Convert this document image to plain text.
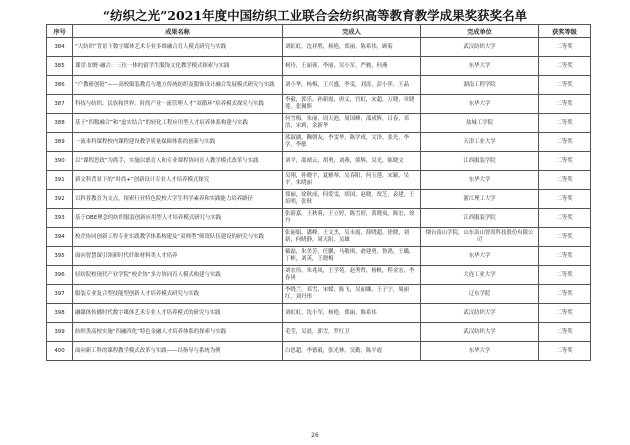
“纺织之光”2021年度中国纺织工业联合会纺织高等教育教学成果奖获奖名单
序号	成果名称	完成人	完成单位	获奖等级
384	“大纺织”背景下数字媒体艺术专业多维融合育人模式研究与实践	刘虹虹，沈祥胜，杨艳，郑丽，陈希伟，顾菊	武汉纺织大学	二等奖
385	课堂·加野·融合：三位一体的留学生服饰文化教学模式探索与实践	柯玲，王丽蓉，李丽，吴小军，严骏，何燕	东华大学	二等奖
386	“产教研创链”——高校服装教育与地方传统纺织及服饰设计融合发展模式研究与实践	刘小华，杨梅，王兴盛，李雯，刘涛，彭小萍，王晶	湖南工程学院	二等奖
387	科技与纺织、民族和世界：时尚产业一流管理人才“双循环”培养模式探究与实践	李毅，郭乐，孙新霞，唐义，宫虹，宋超，万晓，章晓莲，张佩斯	东华大学	二等奖
388	基于“四数融合”和“虚实结合”的轻化工程应用型人才培养体系构建与实践	何雪梅，朱丽，周天池，周国峰，邵成辉，吕春，邓浩，宋莉，余新华	盐城工学院	二等奖
389	一流本科课程校内课程建设教学质量保障体系的创新与实践	蓝淑涵，鞠朝友，李雯华，陈学成，文泽，张光，李学，李敏	天津工业大学	二等奖
390	以“课程思政”为抓手，实施以德育人和专业课程协同育人教学模式改革与实践	刘平，邵晴云，胡勇，刘燕，熊辉，吴光，陈晓文	江西服装学院	二等奖
391	新文科背景下的“时尚+”创新设计专业人才培养模式探究	吴翔，孙晓宇，夏雅琴，吴春阳，何玉莲，宋颖，吴平，朱晓丽	东华大学	二等奖
392	以科普教育为支点，探索行业特色院校大学生科学素养和实践能力培养路径	郑丽，徐秋成，何爱雯，胡国，赵晓，贾芝，袁建，王培明，张秋	浙江理工大学	二等奖
393	基于OBE理念的纺织服装创新应用型人才培养模式研究与实践	张蔚嘉，王秋蓉，王立婷，陈雪婷，黄晓岚，陈宏，徐丹	江西服装学院	二等奖
394	校企协同创新工程专业实践教学体系构建及“双师型”师资队伍建设的研究与实践	张丽娟，潘峰，王文杰，吴永霞，薛晓超，徐晓，刘新，何晓静，周天阳，吴雄	烟台南山学院，山东南山智尚科技股份有限公司	二等奖
395	面向智慧课引领新时代纤维材料类人才培养	戴磊，朱美芳，任鹏，马敬琪，俞建勇，鲁鸿，王璐，丁彬，刘英，王晓梅	东华大学	二等奖
396	轻纺院校现代产业学院“校企协”多方协同育人模式构建与实践	刘宏伟，朱兆凤，王学苑，赵秀哲，杨帆，程金宏，李春岗	大连工业大学	二等奖
397	服装专业复合型技能型创新人才培养模式研究与实践	李晓兰，邓雪，宋媛，陈飞，吴丽娜，王子宁，周丽红，刘丹彤	辽东学院	二等奖
398	融媒体传播时代数字媒体艺术专业人才培养模式的研究与实践	刘虹虹，沈小军，杨艳，郑丽，陈希伟	武汉纺织大学	二等奖
399	纺织类高校实施“四融四化”特色金融人才培养体系的探索与实践	毛莹，吴晨，郭雪，罗红卫	武汉纺织大学	二等奖
400	面向新工科的课程教学模式改革与实践——以指导与系统为例	白思超，李德毅，张光林，吴勤，陈平霞	东华大学	二等奖
26
